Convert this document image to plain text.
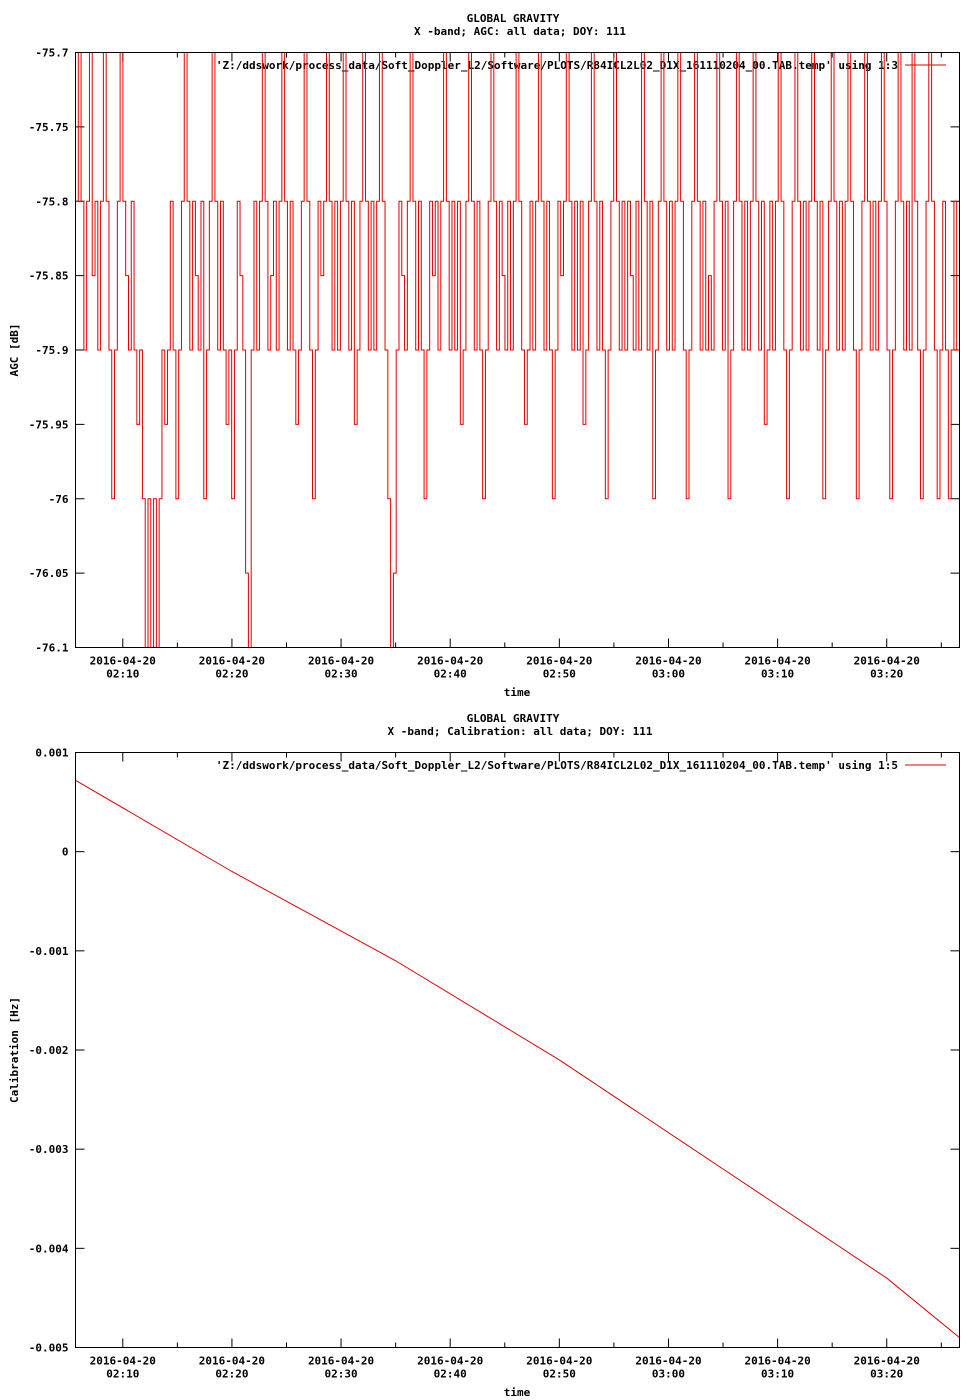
GLOBAL GRAVITY
X -band; AGC: all data; DOY: 111
AGC [dB]
time
'Z:/ddswork/process_data/Soft_Doppler_L2/Software/PLOTS/R84ICL2L02_D1X_161110204_00.TAB.temp' using 1:3
-75.7
-75.75
-75.8
-75.85
-75.9
-75.95
-76
-76.05
-76.1
2016-04-20
02:10
2016-04-20
02:20
2016-04-20
02:30
2016-04-20
02:40
2016-04-20
02:50
2016-04-20
03:00
2016-04-20
03:10
2016-04-20
03:20
GLOBAL GRAVITY
X -band; Calibration: all data; DOY: 111
Calibration [Hz]
time
'Z:/ddswork/process_data/Soft_Doppler_L2/Software/PLOTS/R84ICL2L02_D1X_161110204_00.TAB.temp' using 1:5
0.001
0
-0.001
-0.002
-0.003
-0.004
-0.005
2016-04-20
02:10
2016-04-20
02:20
2016-04-20
02:30
2016-04-20
02:40
2016-04-20
02:50
2016-04-20
03:00
2016-04-20
03:10
2016-04-20
03:20
